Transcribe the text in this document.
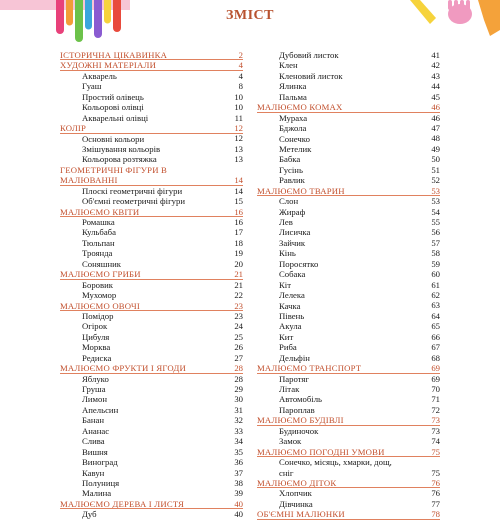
ЗМІСТ
ІСТОРИЧНА ЦІКАВИНКА	2
ХУДОЖНІ МАТЕРІАЛИ	4
Акварель	4
Гуаш	8
Простий олівець	10
Кольорові олівці	10
Акварельні олівці	11
КОЛІР	12
Основні кольори	12
Змішування кольорів	13
Кольорова розтяжка	13
ГЕОМЕТРИЧНІ ФІГУРИ В МАЛЮВАННІ	14
Плоскі геометричні фігури	14
Об'ємні геометричні фігури	15
МАЛЮЄМО КВІТИ	16
Ромашка	16
Кульбаба	17
Тюльпан	18
Троянда	19
Соняшник	20
МАЛЮЄМО ГРИБИ	21
Боровик	21
Мухомор	22
МАЛЮЄМО ОВОЧІ	23
Помідор	23
Огірок	24
Цибуля	25
Морква	26
Редиска	27
МАЛЮЄМО ФРУКТИ І ЯГОДИ	28
Яблуко	28
Груша	29
Лимон	30
Апельсин	31
Банан	32
Ананас	33
Слива	34
Вишня	35
Виноград	36
Кавун	37
Полуниця	38
Малина	39
МАЛЮЄМО ДЕРЕВА І ЛИСТЯ	40
Дуб	40
Дубовий листок	41
Клен	42
Кленовий листок	43
Ялинка	44
Пальма	45
МАЛЮЄМО КОМАХ	46
Мураха	46
Бджола	47
Сонечко	48
Метелик	49
Бабка	50
Гусінь	51
Равлик	52
МАЛЮЄМО ТВАРИН	53
Слон	53
Жираф	54
Лев	55
Лисичка	56
Зайчик	57
Кінь	58
Поросятко	59
Собака	60
Кіт	61
Лелека	62
Качка	63
Півень	64
Акула	65
Кит	66
Риба	67
Дельфін	68
МАЛЮЄМО ТРАНСПОРТ	69
Паротяг	69
Літак	70
Автомобіль	71
Пароплав	72
МАЛЮЄМО БУДІВЛІ	73
Будиночок	73
Замок	74
МАЛЮЄМО ПОГОДНІ УМОВИ	75
Сонечко, місяць, хмарки, дощ, сніг	75
МАЛЮЄМО ДІТОК	76
Хлопчик	76
Дівчинка	77
ОБ'ЄМНІ МАЛЮНКИ	78
